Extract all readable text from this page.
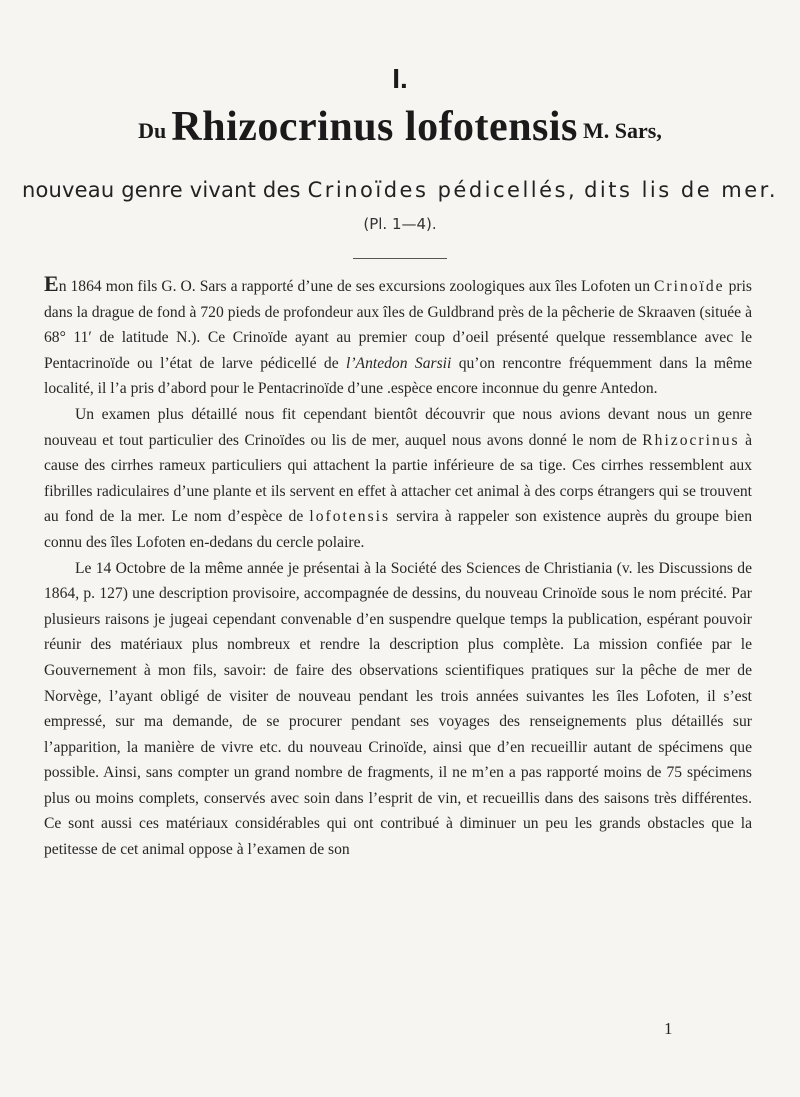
I.
Du Rhizocrinus lofotensis M. Sars,
nouveau genre vivant des Crinoïdes pédicellés, dits lis de mer.
(Pl. 1—4).

En 1864 mon fils G. O. Sars a rapporté d’une de ses excursions zoologiques aux îles Lofoten un Crinoïde pris dans la drague de fond à 720 pieds de profondeur aux îles de Guldbrand près de la pêcherie de Skraaven (située à 68° 11′ de latitude N.). Ce Crinoïde ayant au premier coup d’oeil présenté quelque ressemblance avec le Pentacrinoïde ou l’état de larve pédicellé de l’Antedon Sarsii qu’on rencontre fréquemment dans la même localité, il l’a pris d’abord pour le Pentacrinoïde d’une .espèce encore inconnue du genre Antedon.

Un examen plus détaillé nous fit cependant bientôt découvrir que nous avions devant nous un genre nouveau et tout particulier des Crinoïdes ou lis de mer, auquel nous avons donné le nom de Rhizocrinus à cause des cirrhes rameux particuliers qui attachent la partie inférieure de sa tige. Ces cirrhes ressemblent aux fibrilles radiculaires d’une plante et ils servent en effet à attacher cet animal à des corps étrangers qui se trouvent au fond de la mer. Le nom d’espèce de lofotensis servira à rappeler son existence auprès du groupe bien connu des îles Lofoten en-dedans du cercle polaire.

Le 14 Octobre de la même année je présentai à la Société des Sciences de Christiania (v. les Discussions de 1864, p. 127) une description provisoire, accompagnée de dessins, du nouveau Crinoïde sous le nom précité. Par plusieurs raisons je jugeai cependant convenable d’en suspendre quelque temps la publication, espérant pouvoir réunir des matériaux plus nombreux et rendre la description plus complète. La mission confiée par le Gouvernement à mon fils, savoir: de faire des observations scientifiques pratiques sur la pêche de mer de Norvège, l’ayant obligé de visiter de nouveau pendant les trois années suivantes les îles Lofoten, il s’est empressé, sur ma demande, de se procurer pendant ses voyages des renseignements plus détaillés sur l’apparition, la manière de vivre etc. du nouveau Crinoïde, ainsi que d’en recueillir autant de spécimens que possible. Ainsi, sans compter un grand nombre de fragments, il ne m’en a pas rapporté moins de 75 spécimens plus ou moins complets, conservés avec soin dans l’esprit de vin, et recueillis dans des saisons très différentes. Ce sont aussi ces matériaux considérables qui ont contribué à diminuer un peu les grands obstacles que la petitesse de cet animal oppose à l’examen de son

1
